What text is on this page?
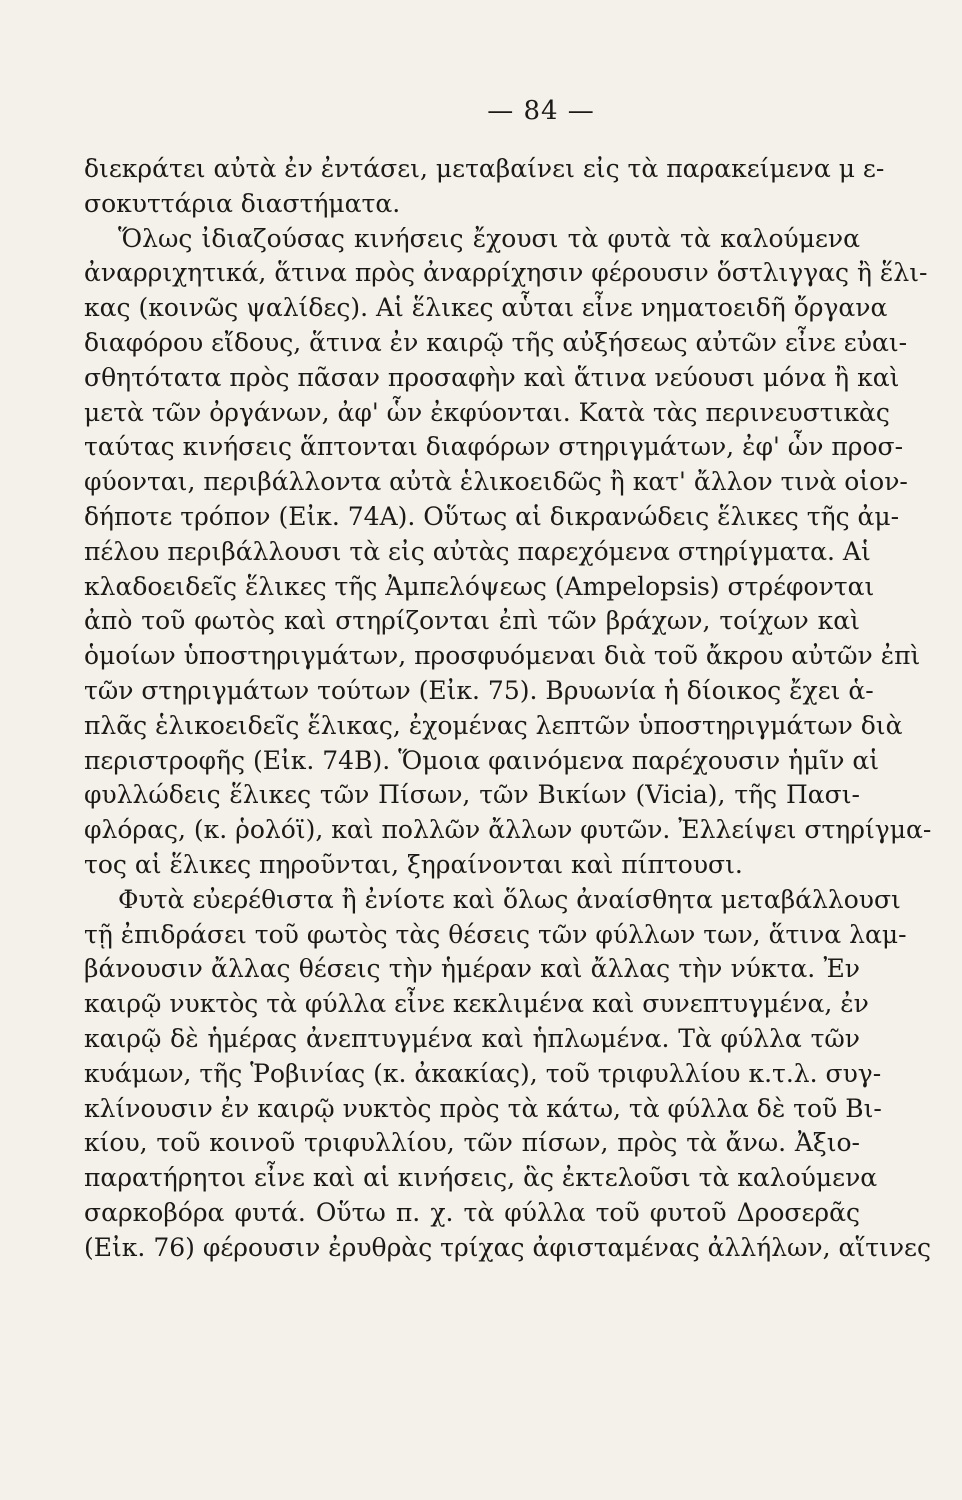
— 84 —
διεκράτει αὐτὰ ἐν ἐντάσει, μεταβαίνει εἰς τὰ παρακείμενα μ ε-
σοκυττάρια διαστήματα.
Ὅλως ἰδιαζούσας κινήσεις ἔχουσι τὰ φυτὰ τὰ καλούμενα
ἀναρριχητικά, ἅτινα πρὸς ἀναρρίχησιν φέρουσιν ὅστλιγγας ἢ ἕλι-
κας (κοινῶς ψαλίδες). Αἱ ἕλικες αὗται εἶνε νηματοειδῆ ὄργανα
διαφόρου εἴδους, ἅτινα ἐν καιρῷ τῆς αὐξήσεως αὐτῶν εἶνε εὐαι-
σθητότατα πρὸς πᾶσαν προσαφὴν καὶ ἅτινα νεύουσι μόνα ἢ καὶ
μετὰ τῶν ὀργάνων, ἀφ' ὧν ἐκφύονται. Κατὰ τὰς περινευστικὰς
ταύτας κινήσεις ἅπτονται διαφόρων στηριγμάτων, ἐφ' ὧν προσ-
φύονται, περιβάλλοντα αὐτὰ ἑλικοειδῶς ἢ κατ' ἄλλον τινὰ οἱον-
δήποτε τρόπον (Εἰκ. 74Α). Οὕτως αἱ δικρανώδεις ἕλικες τῆς ἀμ-
πέλου περιβάλλουσι τὰ εἰς αὐτὰς παρεχόμενα στηρίγματα. Αἱ
κλαδοειδεῖς ἕλικες τῆς Ἀμπελόψεως (Ampelopsis) στρέφονται
ἀπὸ τοῦ φωτὸς καὶ στηρίζονται ἐπὶ τῶν βράχων, τοίχων καὶ
ὁμοίων ὑποστηριγμάτων, προσφυόμεναι διὰ τοῦ ἄκρου αὐτῶν ἐπὶ
τῶν στηριγμάτων τούτων (Εἰκ. 75). Βρυωνία ἡ δίοικος ἔχει ἁ-
πλᾶς ἑλικοειδεῖς ἕλικας, ἐχομένας λεπτῶν ὑποστηριγμάτων διὰ
περιστροφῆς (Εἰκ. 74Β). Ὅμοια φαινόμενα παρέχουσιν ἡμῖν αἱ
φυλλώδεις ἕλικες τῶν Πίσων, τῶν Βικίων (Vicia), τῆς Πασι-
φλόρας, (κ. ῥολόϊ), καὶ πολλῶν ἄλλων φυτῶν. Ἐλλείψει στηρίγμα-
τος αἱ ἕλικες πηροῦνται, ξηραίνονται καὶ πίπτουσι.
Φυτὰ εὐερέθιστα ἢ ἐνίοτε καὶ ὅλως ἀναίσθητα μεταβάλλουσι
τῇ ἐπιδράσει τοῦ φωτὸς τὰς θέσεις τῶν φύλλων των, ἅτινα λαμ-
βάνουσιν ἄλλας θέσεις τὴν ἡμέραν καὶ ἄλλας τὴν νύκτα. Ἐν
καιρῷ νυκτὸς τὰ φύλλα εἶνε κεκλιμένα καὶ συνεπτυγμένα, ἐν
καιρῷ δὲ ἡμέρας ἀνεπτυγμένα καὶ ἡπλωμένα. Τὰ φύλλα τῶν
κυάμων, τῆς Ῥοβινίας (κ. ἀκακίας), τοῦ τριφυλλίου κ.τ.λ. συγ-
κλίνουσιν ἐν καιρῷ νυκτὸς πρὸς τὰ κάτω, τὰ φύλλα δὲ τοῦ Βι-
κίου, τοῦ κοινοῦ τριφυλλίου, τῶν πίσων, πρὸς τὰ ἄνω. Ἀξιο-
παρατήρητοι εἶνε καὶ αἱ κινήσεις, ἃς ἐκτελοῦσι τὰ καλούμενα
σαρκοβόρα φυτά. Οὕτω π. χ. τὰ φύλλα τοῦ φυτοῦ Δροσερᾶς
(Εἰκ. 76) φέρουσιν ἐρυθρὰς τρίχας ἀφισταμένας ἀλλήλων, αἵτινες
